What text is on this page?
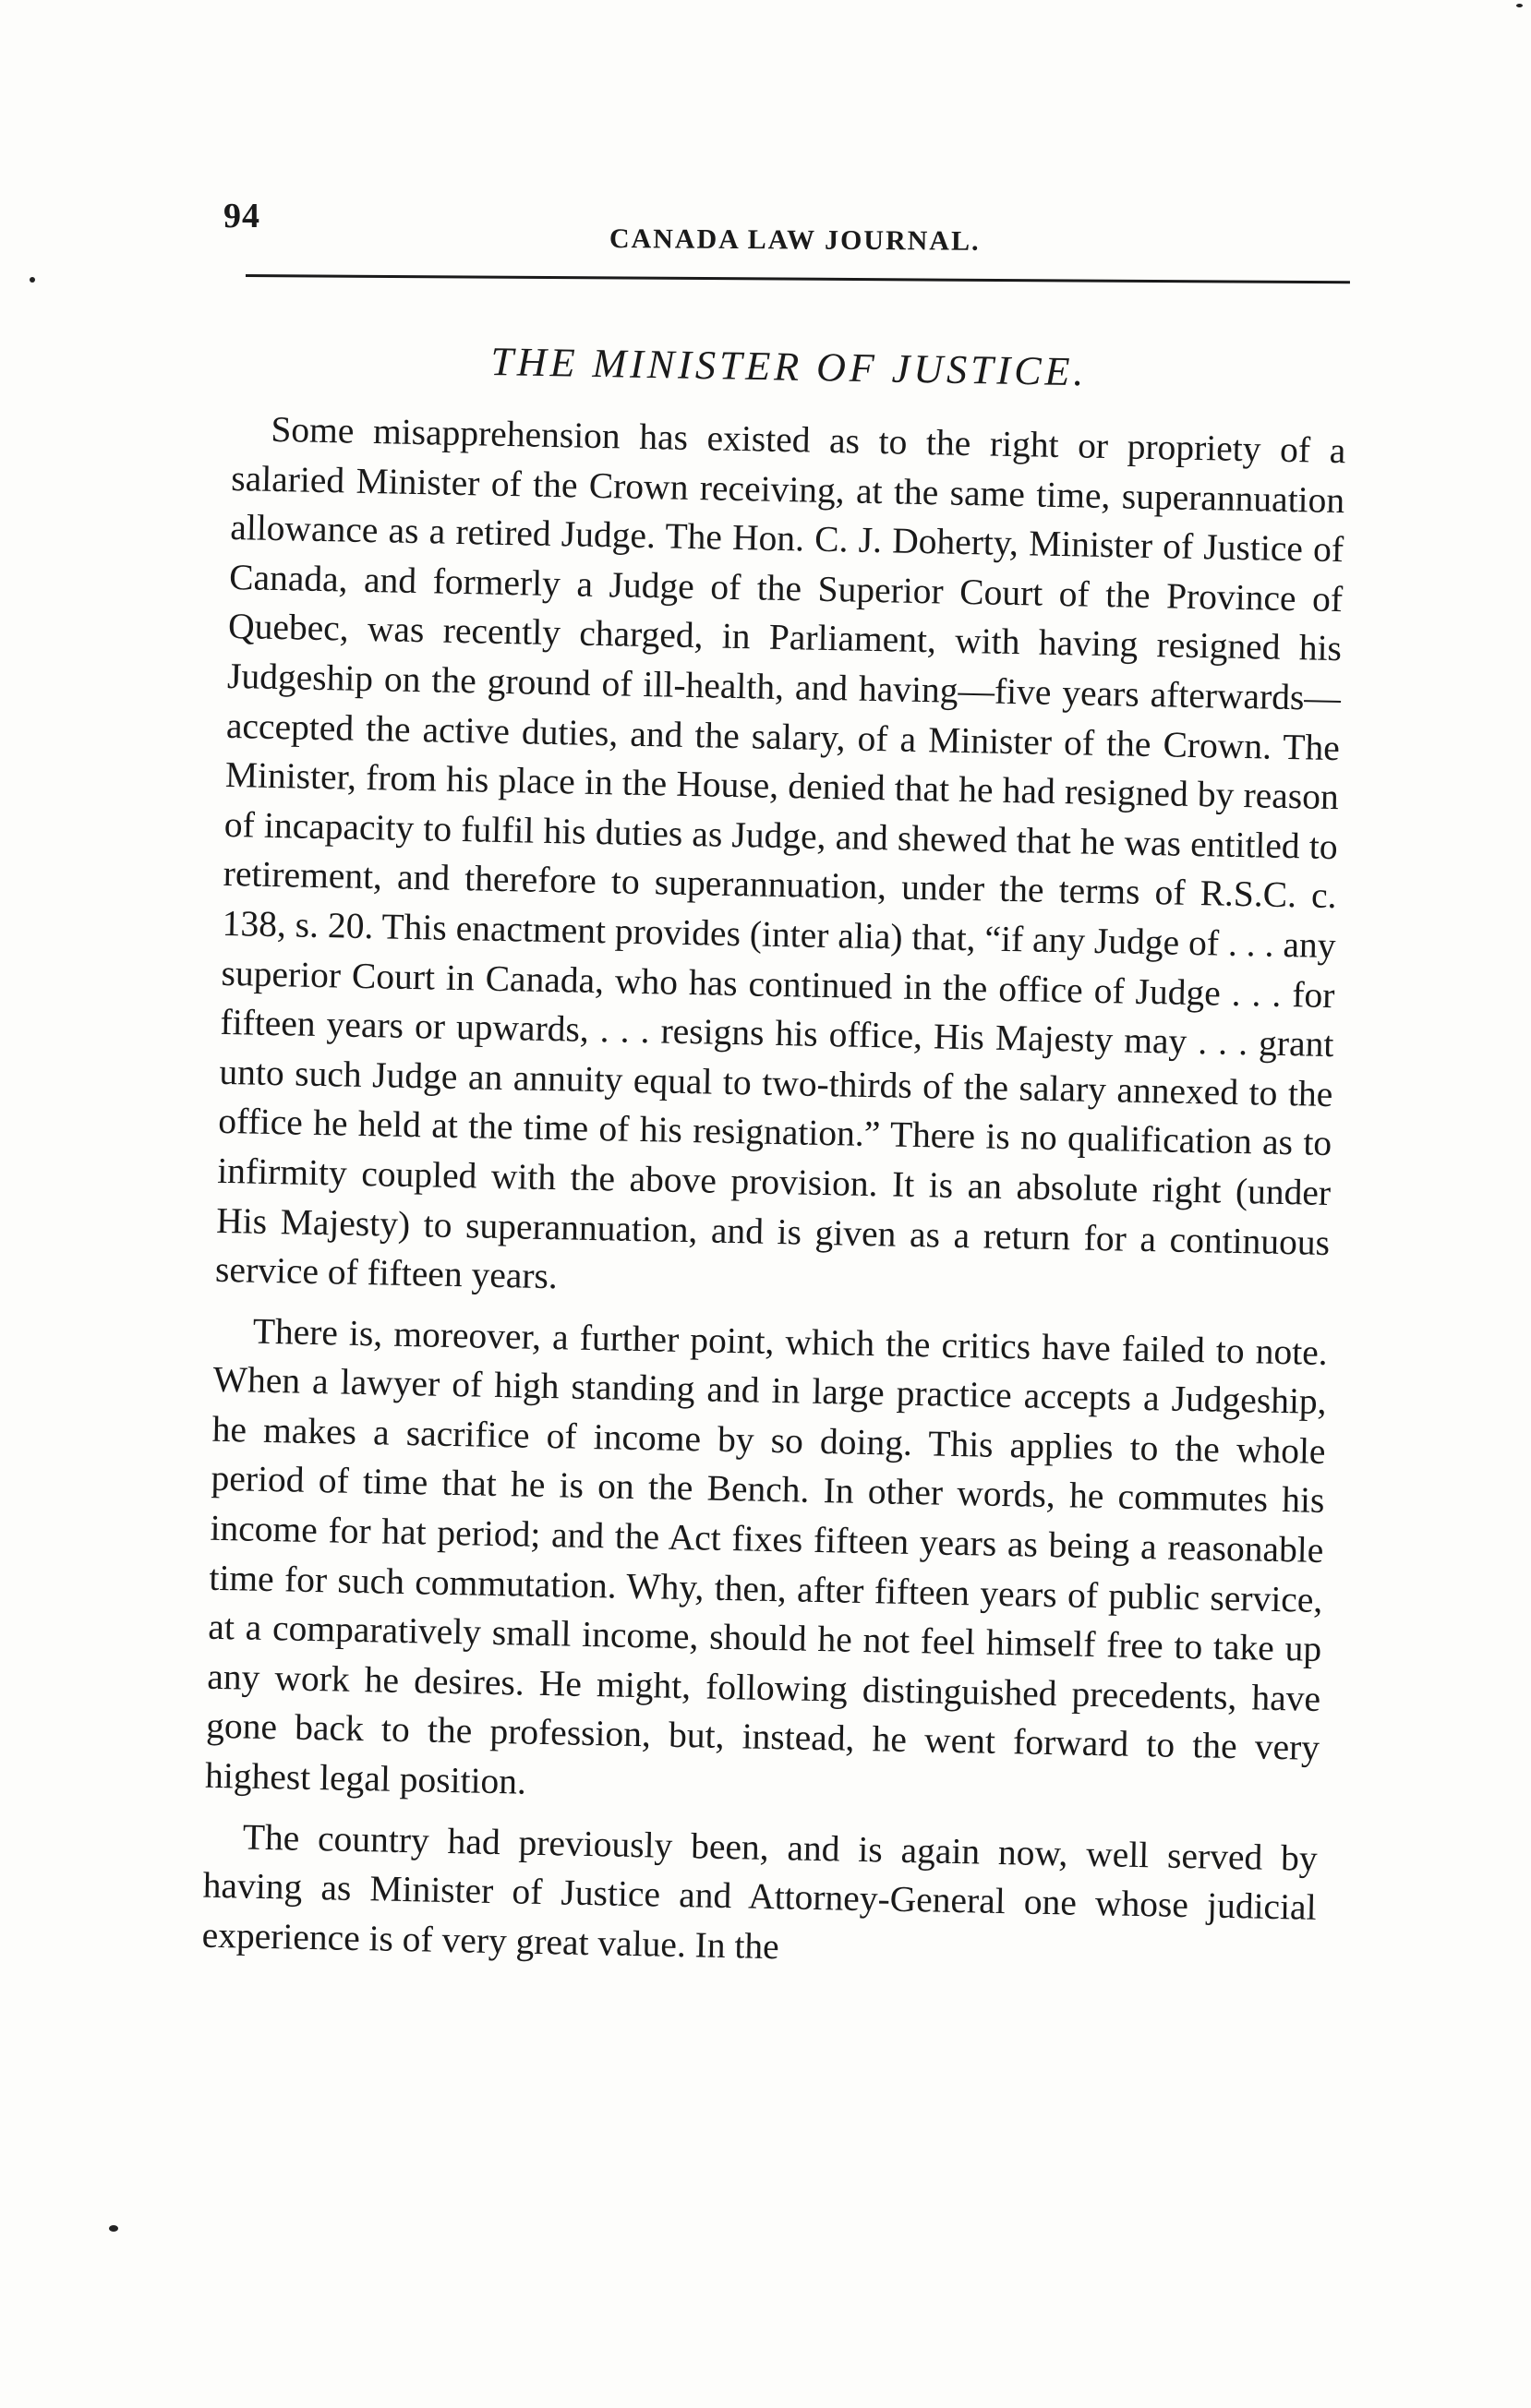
94
CANADA LAW JOURNAL.
THE MINISTER OF JUSTICE.

Some misapprehension has existed as to the right or propriety of a salaried Minister of the Crown receiving, at the same time, superannuation allowance as a retired Judge. The Hon. C. J. Doherty, Minister of Justice of Canada, and formerly a Judge of the Superior Court of the Province of Quebec, was recently charged, in Parliament, with having resigned his Judgeship on the ground of ill-health, and having—five years afterwards— accepted the active duties, and the salary, of a Minister of the Crown. The Minister, from his place in the House, denied that he had resigned by reason of incapacity to fulfil his duties as Judge, and shewed that he was entitled to retirement, and therefore to superannuation, under the terms of R.S.C. c. 138, s. 20. This enactment provides (inter alia) that, “if any Judge of . . . any superior Court in Canada, who has continued in the office of Judge . . . for fifteen years or upwards, . . . resigns his office, His Majesty may . . . grant unto such Judge an annuity equal to two-thirds of the salary annexed to the office he held at the time of his resignation.” There is no qualification as to infirmity coupled with the above provision. It is an absolute right (under His Majesty) to superannuation, and is given as a return for a continuous service of fifteen years.

There is, moreover, a further point, which the critics have failed to note. When a lawyer of high standing and in large practice accepts a Judgeship, he makes a sacrifice of income by so doing. This applies to the whole period of time that he is on the Bench. In other words, he commutes his income for hat period; and the Act fixes fifteen years as being a reasonable time for such commutation. Why, then, after fifteen years of public service, at a comparatively small income, should he not feel himself free to take up any work he desires. He might, following distinguished precedents, have gone back to the profession, but, instead, he went forward to the very highest legal position.

The country had previously been, and is again now, well served by having as Minister of Justice and Attorney-General one whose judicial experience is of very great value. In the
